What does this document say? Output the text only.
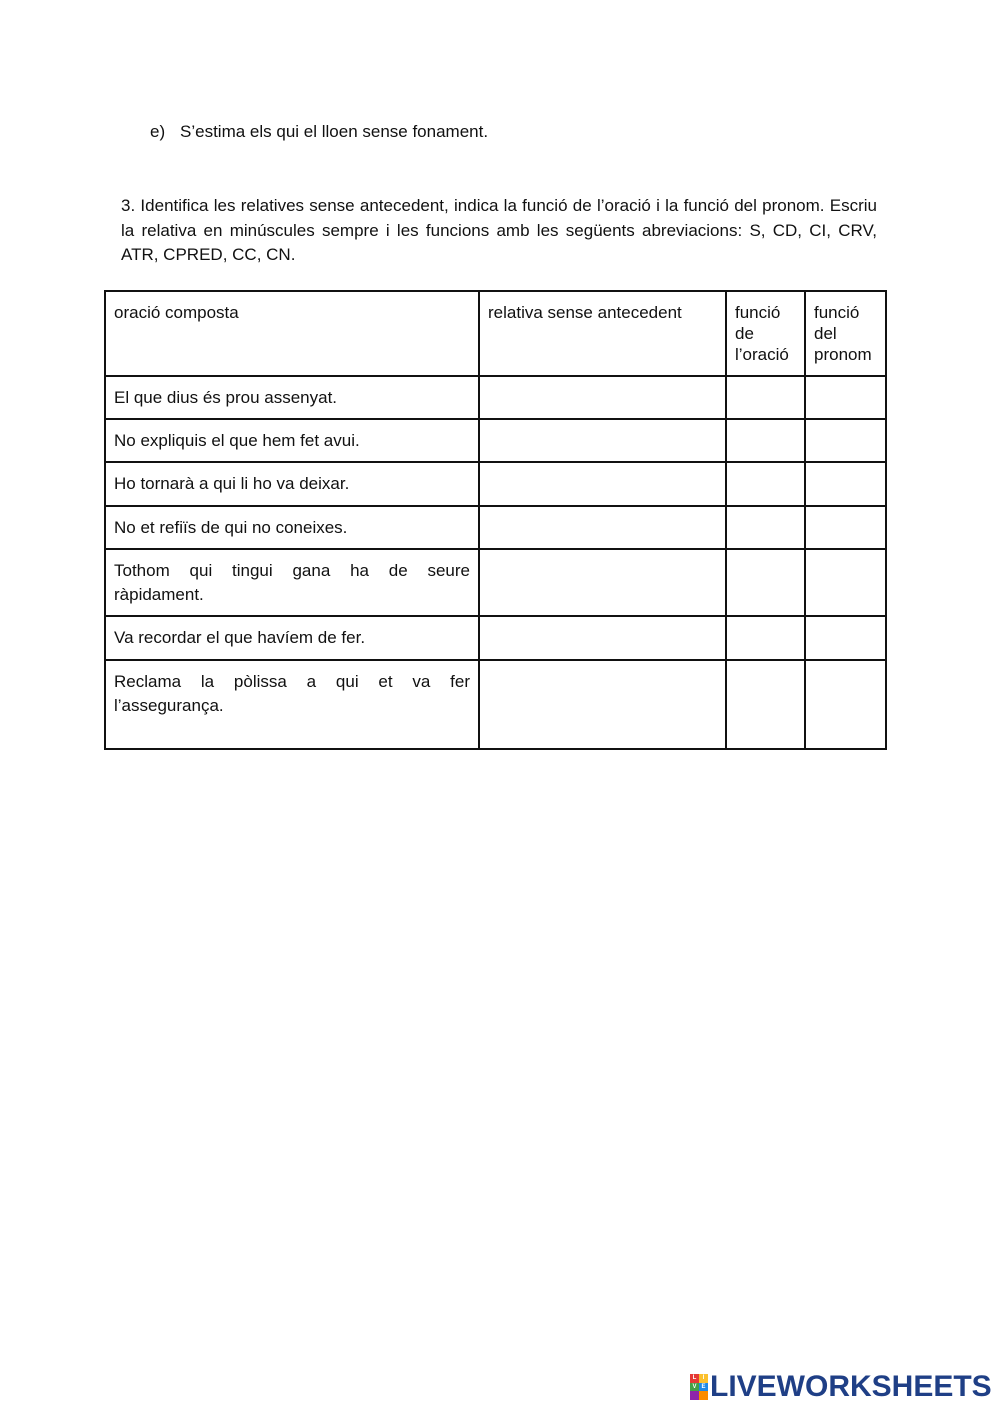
e) S’estima els qui el lloen sense fonament.
3. Identifica les relatives sense antecedent, indica la funció de l’oració i la funció del pronom. Escriu la relativa en minúscules sempre i les funcions amb les següents abreviacions: S, CD, CI, CRV, ATR, CPRED, CC, CN.
oració composta	relativa sense antecedent	funció de l’oració	funció del pronom
El que dius és prou assenyat.			
No expliquis el que hem fet avui.			
Ho tornarà a qui li ho va deixar.			
No et refiïs de qui no coneixes.			
Tothom qui tingui gana ha de seure ràpidament.			
Va recordar el que havíem de fer.			
Reclama la pòlissa a qui et va fer l’assegurança.			
L	I
V E LIVEWORKSHEETS
